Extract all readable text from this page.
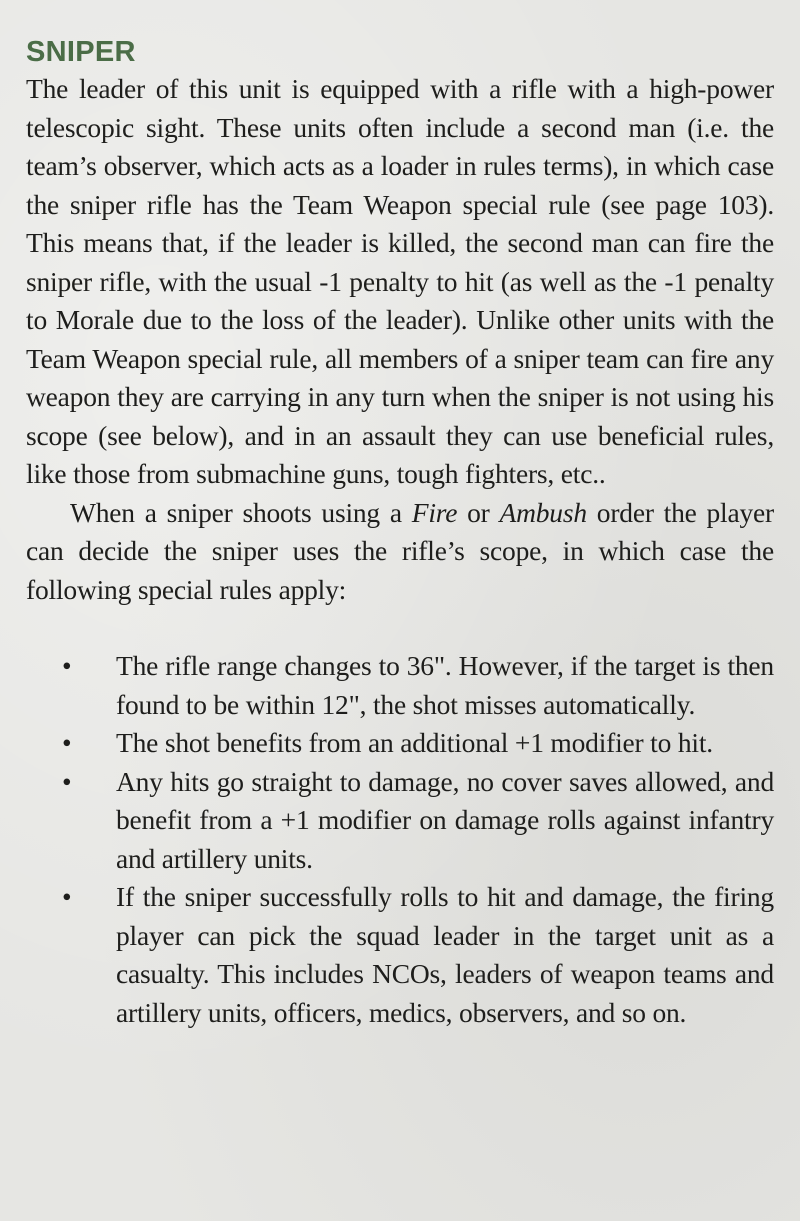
SNIPER

The leader of this unit is equipped with a rifle with a high-power telescopic sight. These units often include a second man (i.e. the team’s observer, which acts as a loader in rules terms), in which case the sniper rifle has the Team Weapon special rule (see page 103). This means that, if the leader is killed, the second man can fire the sniper rifle, with the usual -1 penalty to hit (as well as the -1 penalty to Morale due to the loss of the leader). Unlike other units with the Team Weapon special rule, all members of a sniper team can fire any weapon they are carrying in any turn when the sniper is not using his scope (see below), and in an assault they can use beneficial rules, like those from submachine guns, tough fighters, etc..

When a sniper shoots using a Fire or Ambush order the player can decide the sniper uses the rifle’s scope, in which case the following special rules apply:

• The rifle range changes to 36". However, if the target is then found to be within 12", the shot misses automatically.
• The shot benefits from an additional +1 modifier to hit.
• Any hits go straight to damage, no cover saves allowed, and benefit from a +1 modifier on damage rolls against infantry and artillery units.
• If the sniper successfully rolls to hit and damage, the firing player can pick the squad leader in the target unit as a casualty. This includes NCOs, leaders of weapon teams and artillery units, officers, medics, observers, and so on.
